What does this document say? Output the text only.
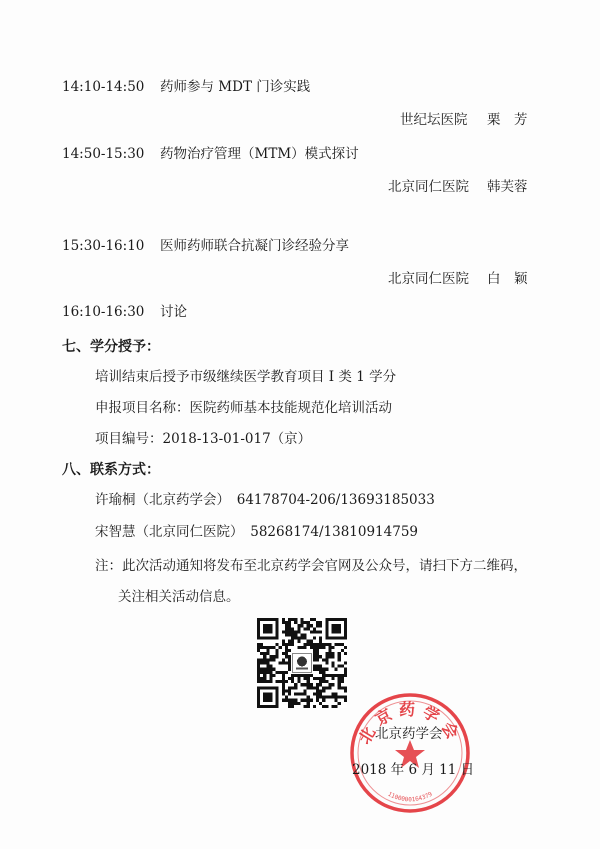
14:10-14:50 药师参与 MDT 门诊实践
世纪坛医院 栗　芳
14:50-15:30 药物治疗管理（MTM）模式探讨
北京同仁医院 韩芙蓉
15:30-16:10 医师药师联合抗凝门诊经验分享
北京同仁医院 白　颖
16:10-16:30 讨论
七、学分授予：
培训结束后授予市级继续医学教育项目 I 类 1 学分
申报项目名称：医院药师基本技能规范化培训活动
项目编号：2018-13-01-017（京）
八、联系方式：
许瑜桐（北京药学会）　64178704-206/13693185033
宋智慧（北京同仁医院）　58268174/13810914759
注：此次活动通知将发布至北京药学会官网及公众号，请扫下方二维码，
关注相关活动信息。
北京药学会
1100000164379
北京药学会
2018 年 6 月 11 日
